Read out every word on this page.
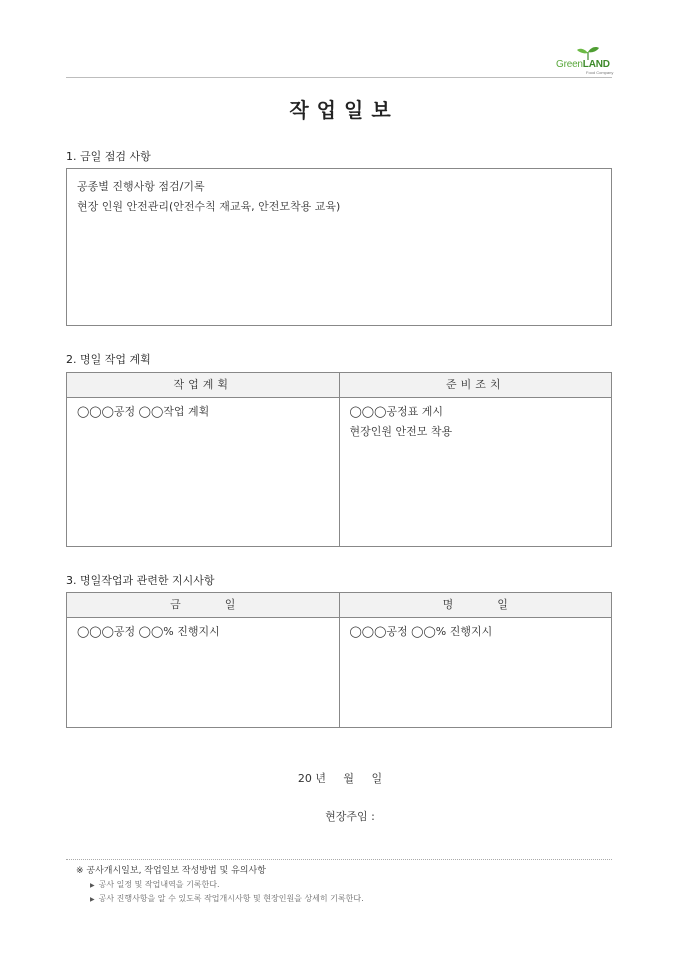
GreenLAND
Food Company
작업일보
1. 금일 점검 사항
공종별 진행사항 점검/기록
현장 인원 안전관리(안전수칙 재교육, 안전모착용 교육)
2. 명일 작업 계획
작업계획	준비조치
◯◯◯공정 ◯◯작업 계획	◯◯◯공정표 게시
현장인원 안전모 착용
3. 명일작업과 관련한 지시사항
금일	명일
◯◯◯공정 ◯◯% 진행지시	◯◯◯공정 ◯◯% 진행지시
20 년     월     일
현장주임 :
※ 공사개시일보, 작업일보 작성방법 및 유의사항
▶ 공사 일정 및 작업내역을 기록한다.
▶ 공사 진행사항을 알 수 있도록 작업개시사항 및 현장인원을 상세히 기록한다.
